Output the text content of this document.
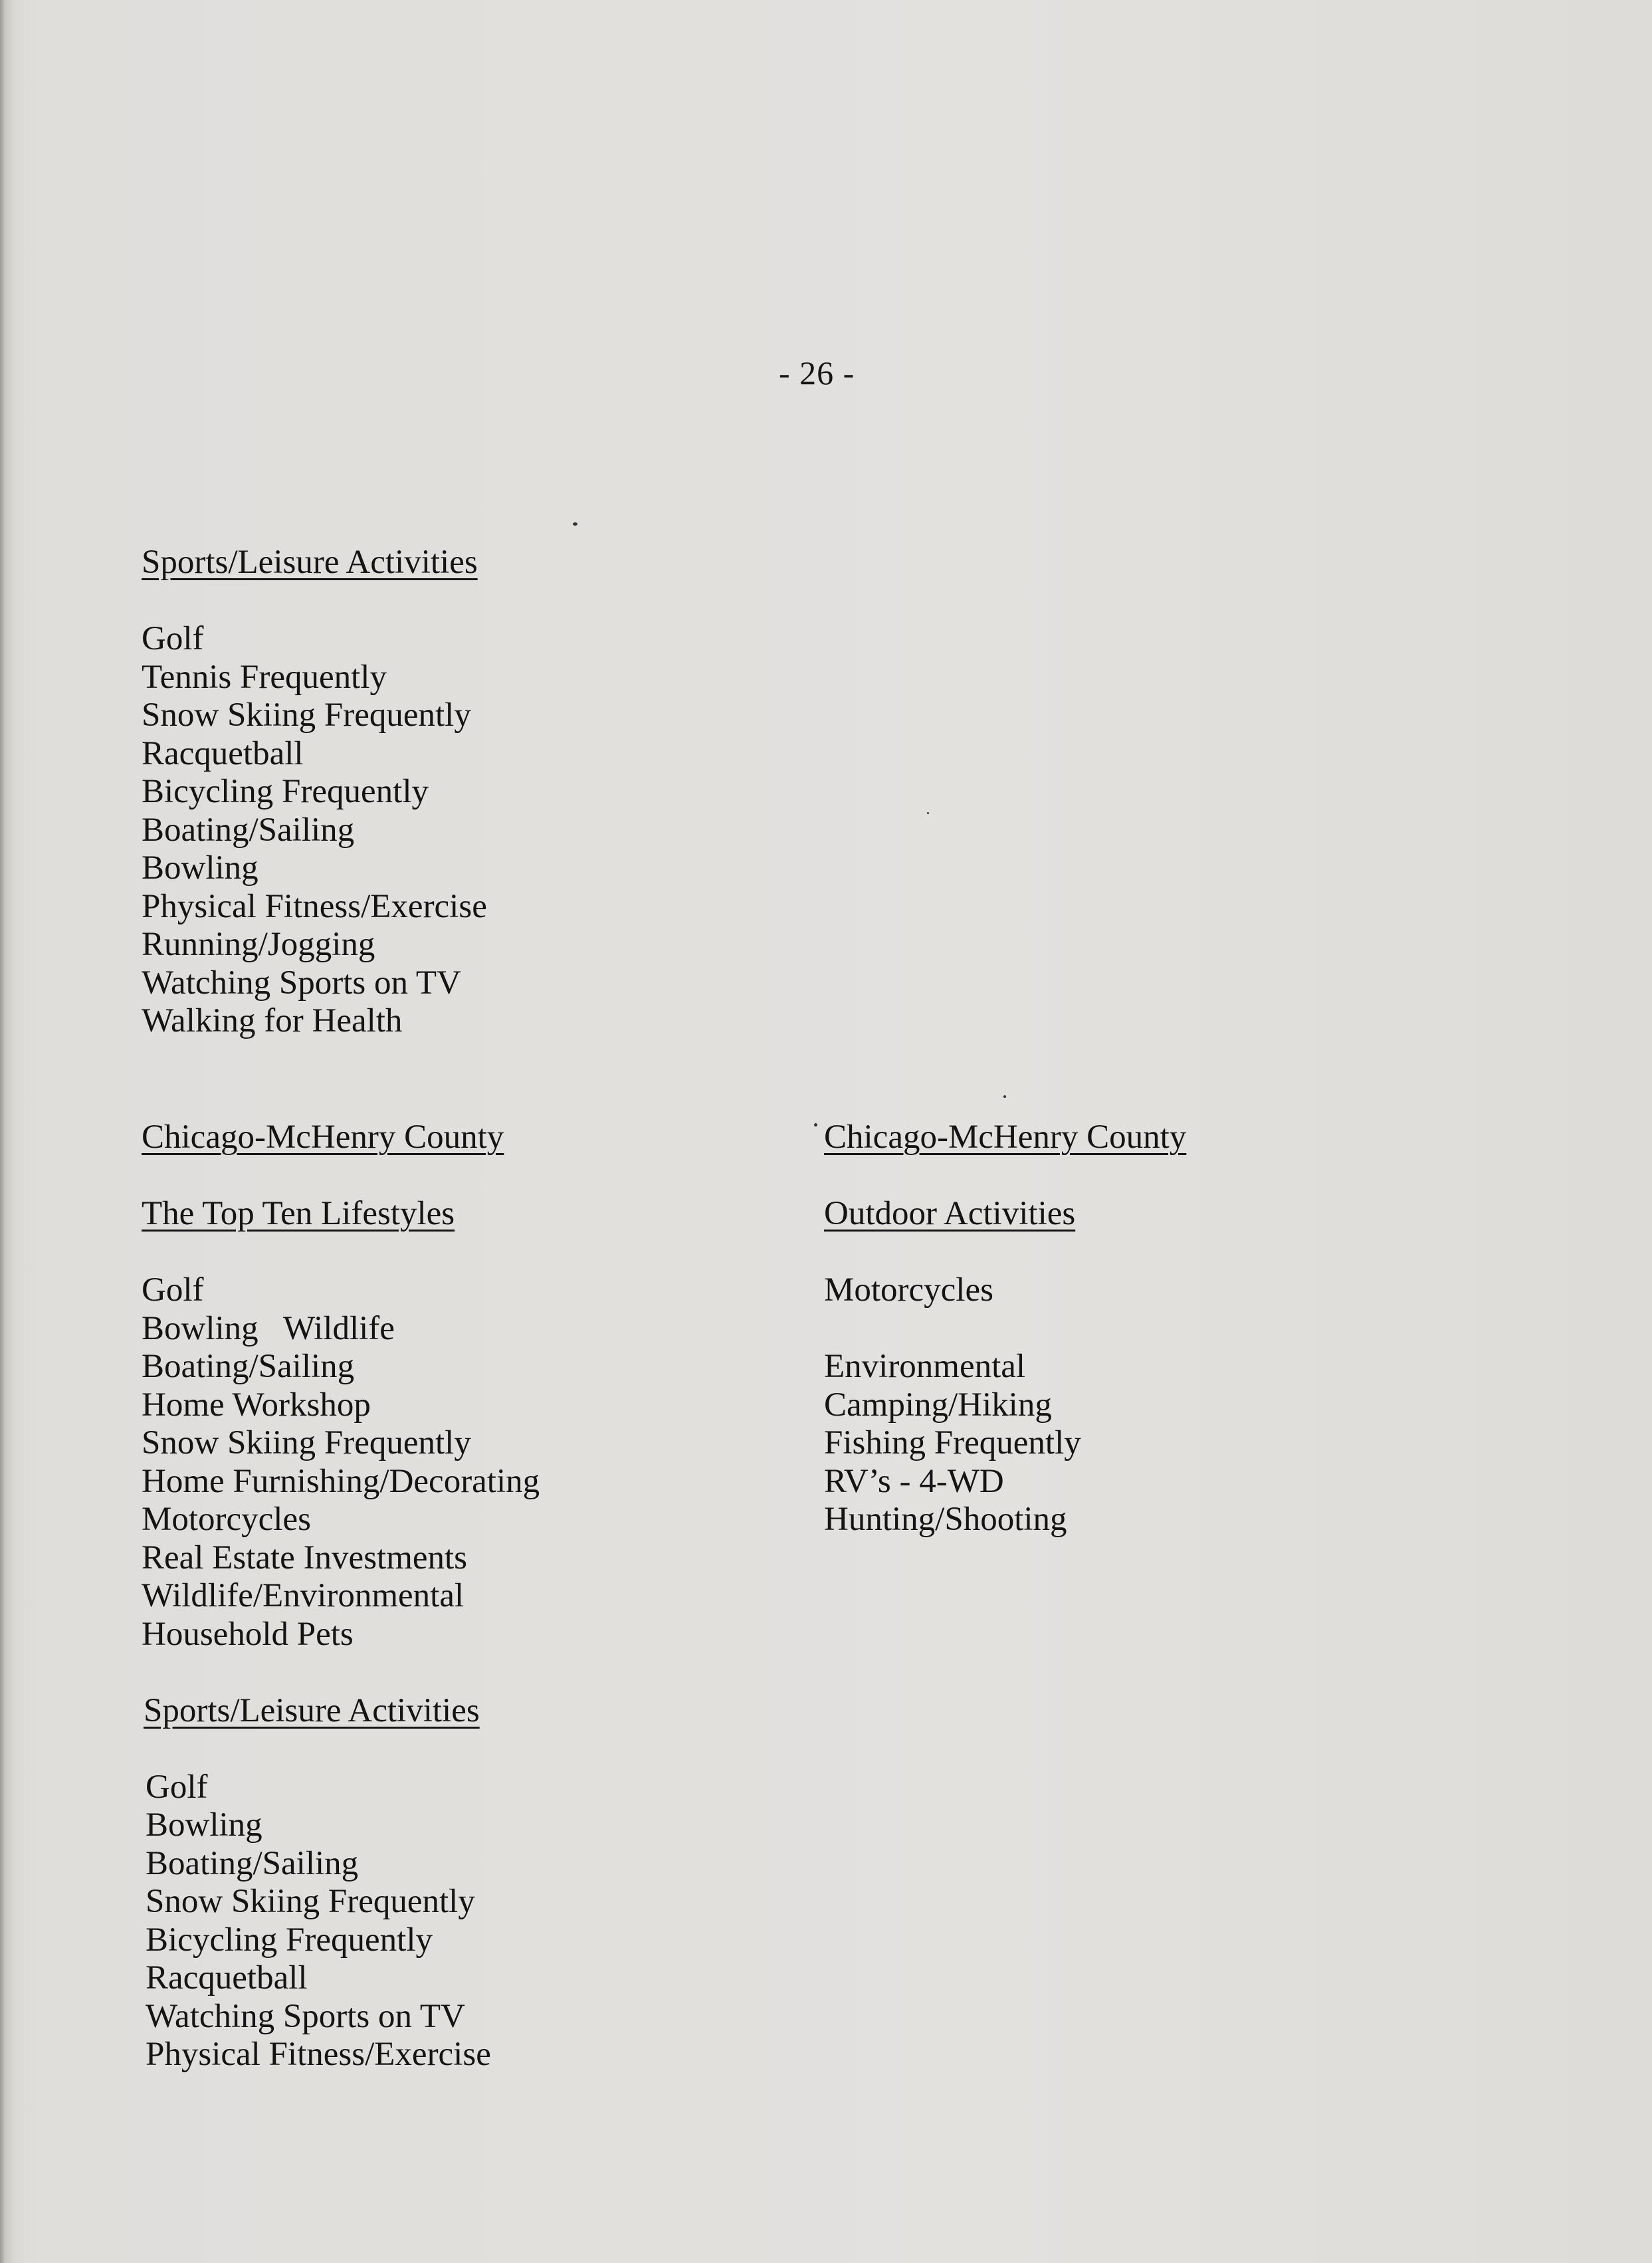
- 26 -
Sports/Leisure Activities
Golf
Tennis Frequently
Snow Skiing Frequently
Racquetball
Bicycling Frequently
Boating/Sailing
Bowling
Physical Fitness/Exercise
Running/Jogging
Watching Sports on TV
Walking for Health
Chicago-McHenry County
The Top Ten Lifestyles
Golf
Bowling   Wildlife
Boating/Sailing
Home Workshop
Snow Skiing Frequently
Home Furnishing/Decorating
Motorcycles
Real Estate Investments
Wildlife/Environmental
Household Pets
Sports/Leisure Activities
Golf
Bowling
Boating/Sailing
Snow Skiing Frequently
Bicycling Frequently
Racquetball
Watching Sports on TV
Physical Fitness/Exercise
Chicago-McHenry County
Outdoor Activities
Motorcycles
Environmental
Camping/Hiking
Fishing Frequently
RV’s - 4-WD
Hunting/Shooting
